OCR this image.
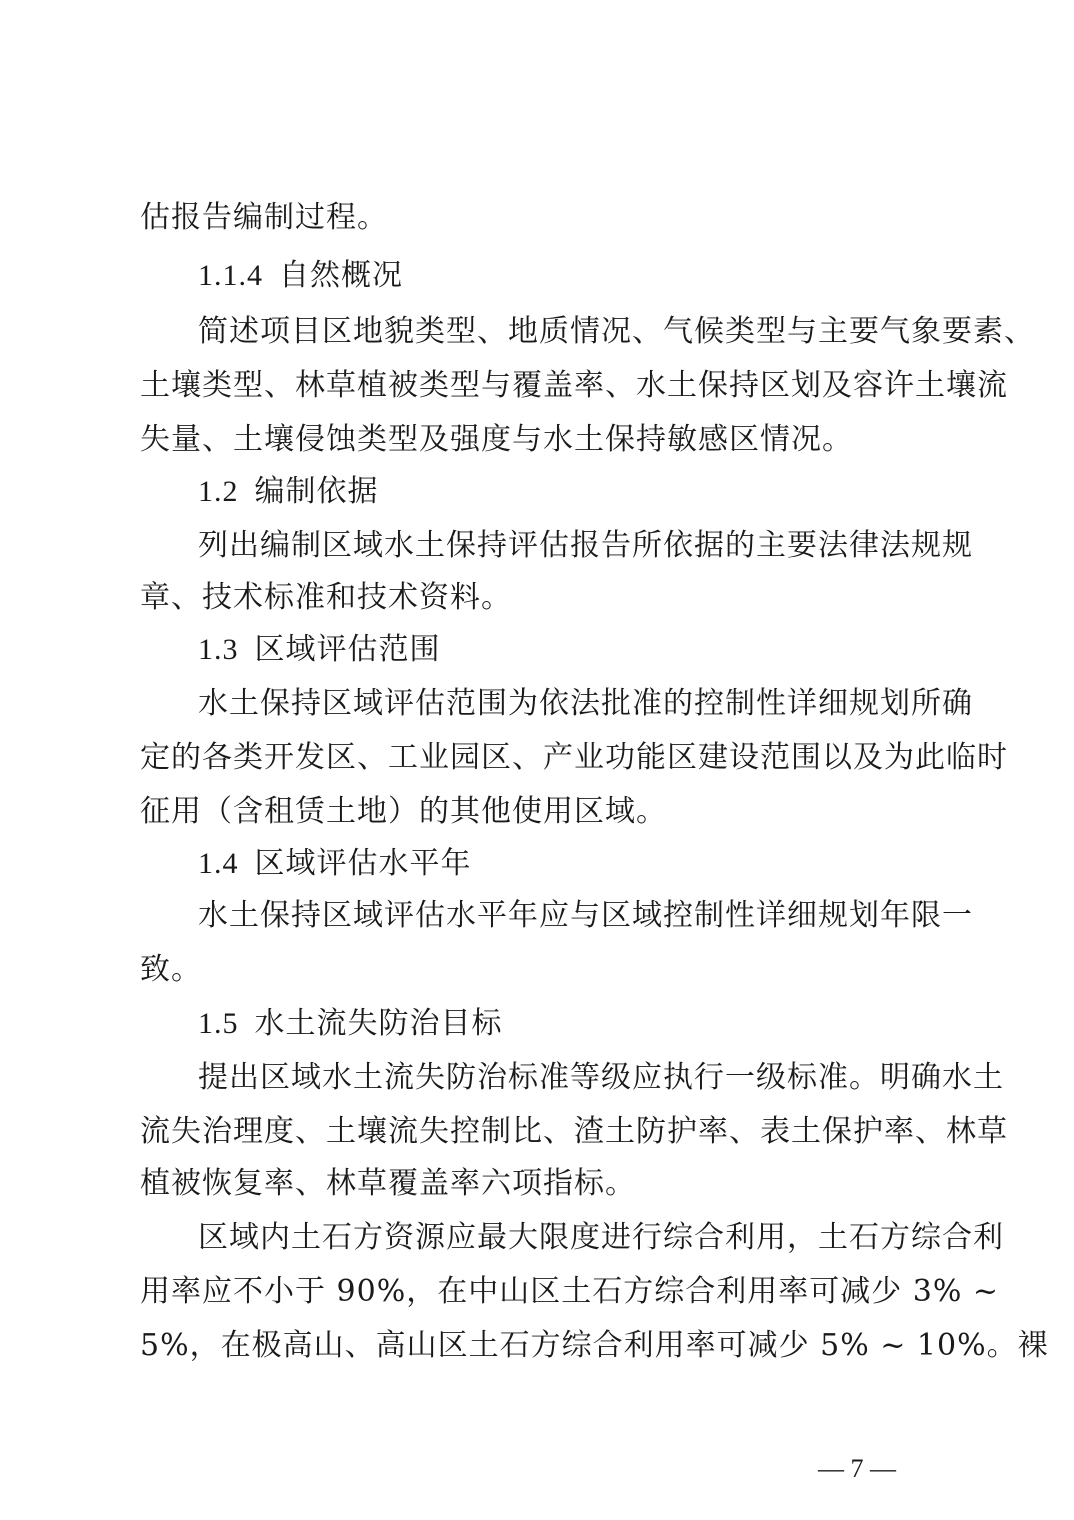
估报告编制过程。
1.1.4 自然概况
简述项目区地貌类型、地质情况、气候类型与主要气象要素、
土壤类型、林草植被类型与覆盖率、水土保持区划及容许土壤流
失量、土壤侵蚀类型及强度与水土保持敏感区情况。
1.2 编制依据
列出编制区域水土保持评估报告所依据的主要法律法规规
章、技术标准和技术资料。
1.3 区域评估范围
水土保持区域评估范围为依法批准的控制性详细规划所确
定的各类开发区、工业园区、产业功能区建设范围以及为此临时
征用（含租赁土地）的其他使用区域。
1.4 区域评估水平年
水土保持区域评估水平年应与区域控制性详细规划年限一
致。
1.5 水土流失防治目标
提出区域水土流失防治标准等级应执行一级标准。明确水土
流失治理度、土壤流失控制比、渣土防护率、表土保护率、林草
植被恢复率、林草覆盖率六项指标。
区域内土石方资源应最大限度进行综合利用，土石方综合利
用率应不小于 90%，在中山区土石方综合利用率可减少 3% ~
5%，在极高山、高山区土石方综合利用率可减少 5% ~ 10%。裸
— 7 —
